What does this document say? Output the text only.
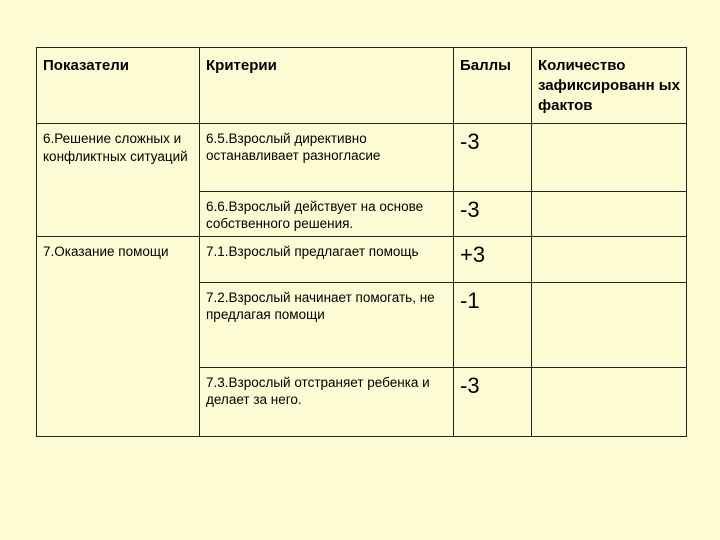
Показатели	Критерии	Баллы	Количество зафиксированн ых фактов
6.Решение сложных и конфликтных ситуаций	6.5.Взрослый директивно останавливает разногласие	-3	
	6.6.Взрослый действует на основе собственного решения.	-3	
7.Оказание помощи	7.1.Взрослый предлагает помощь	+3	
	7.2.Взрослый начинает помогать, не предлагая помощи	-1	
	7.3.Взрослый отстраняет ребенка и делает за него.	-3	
